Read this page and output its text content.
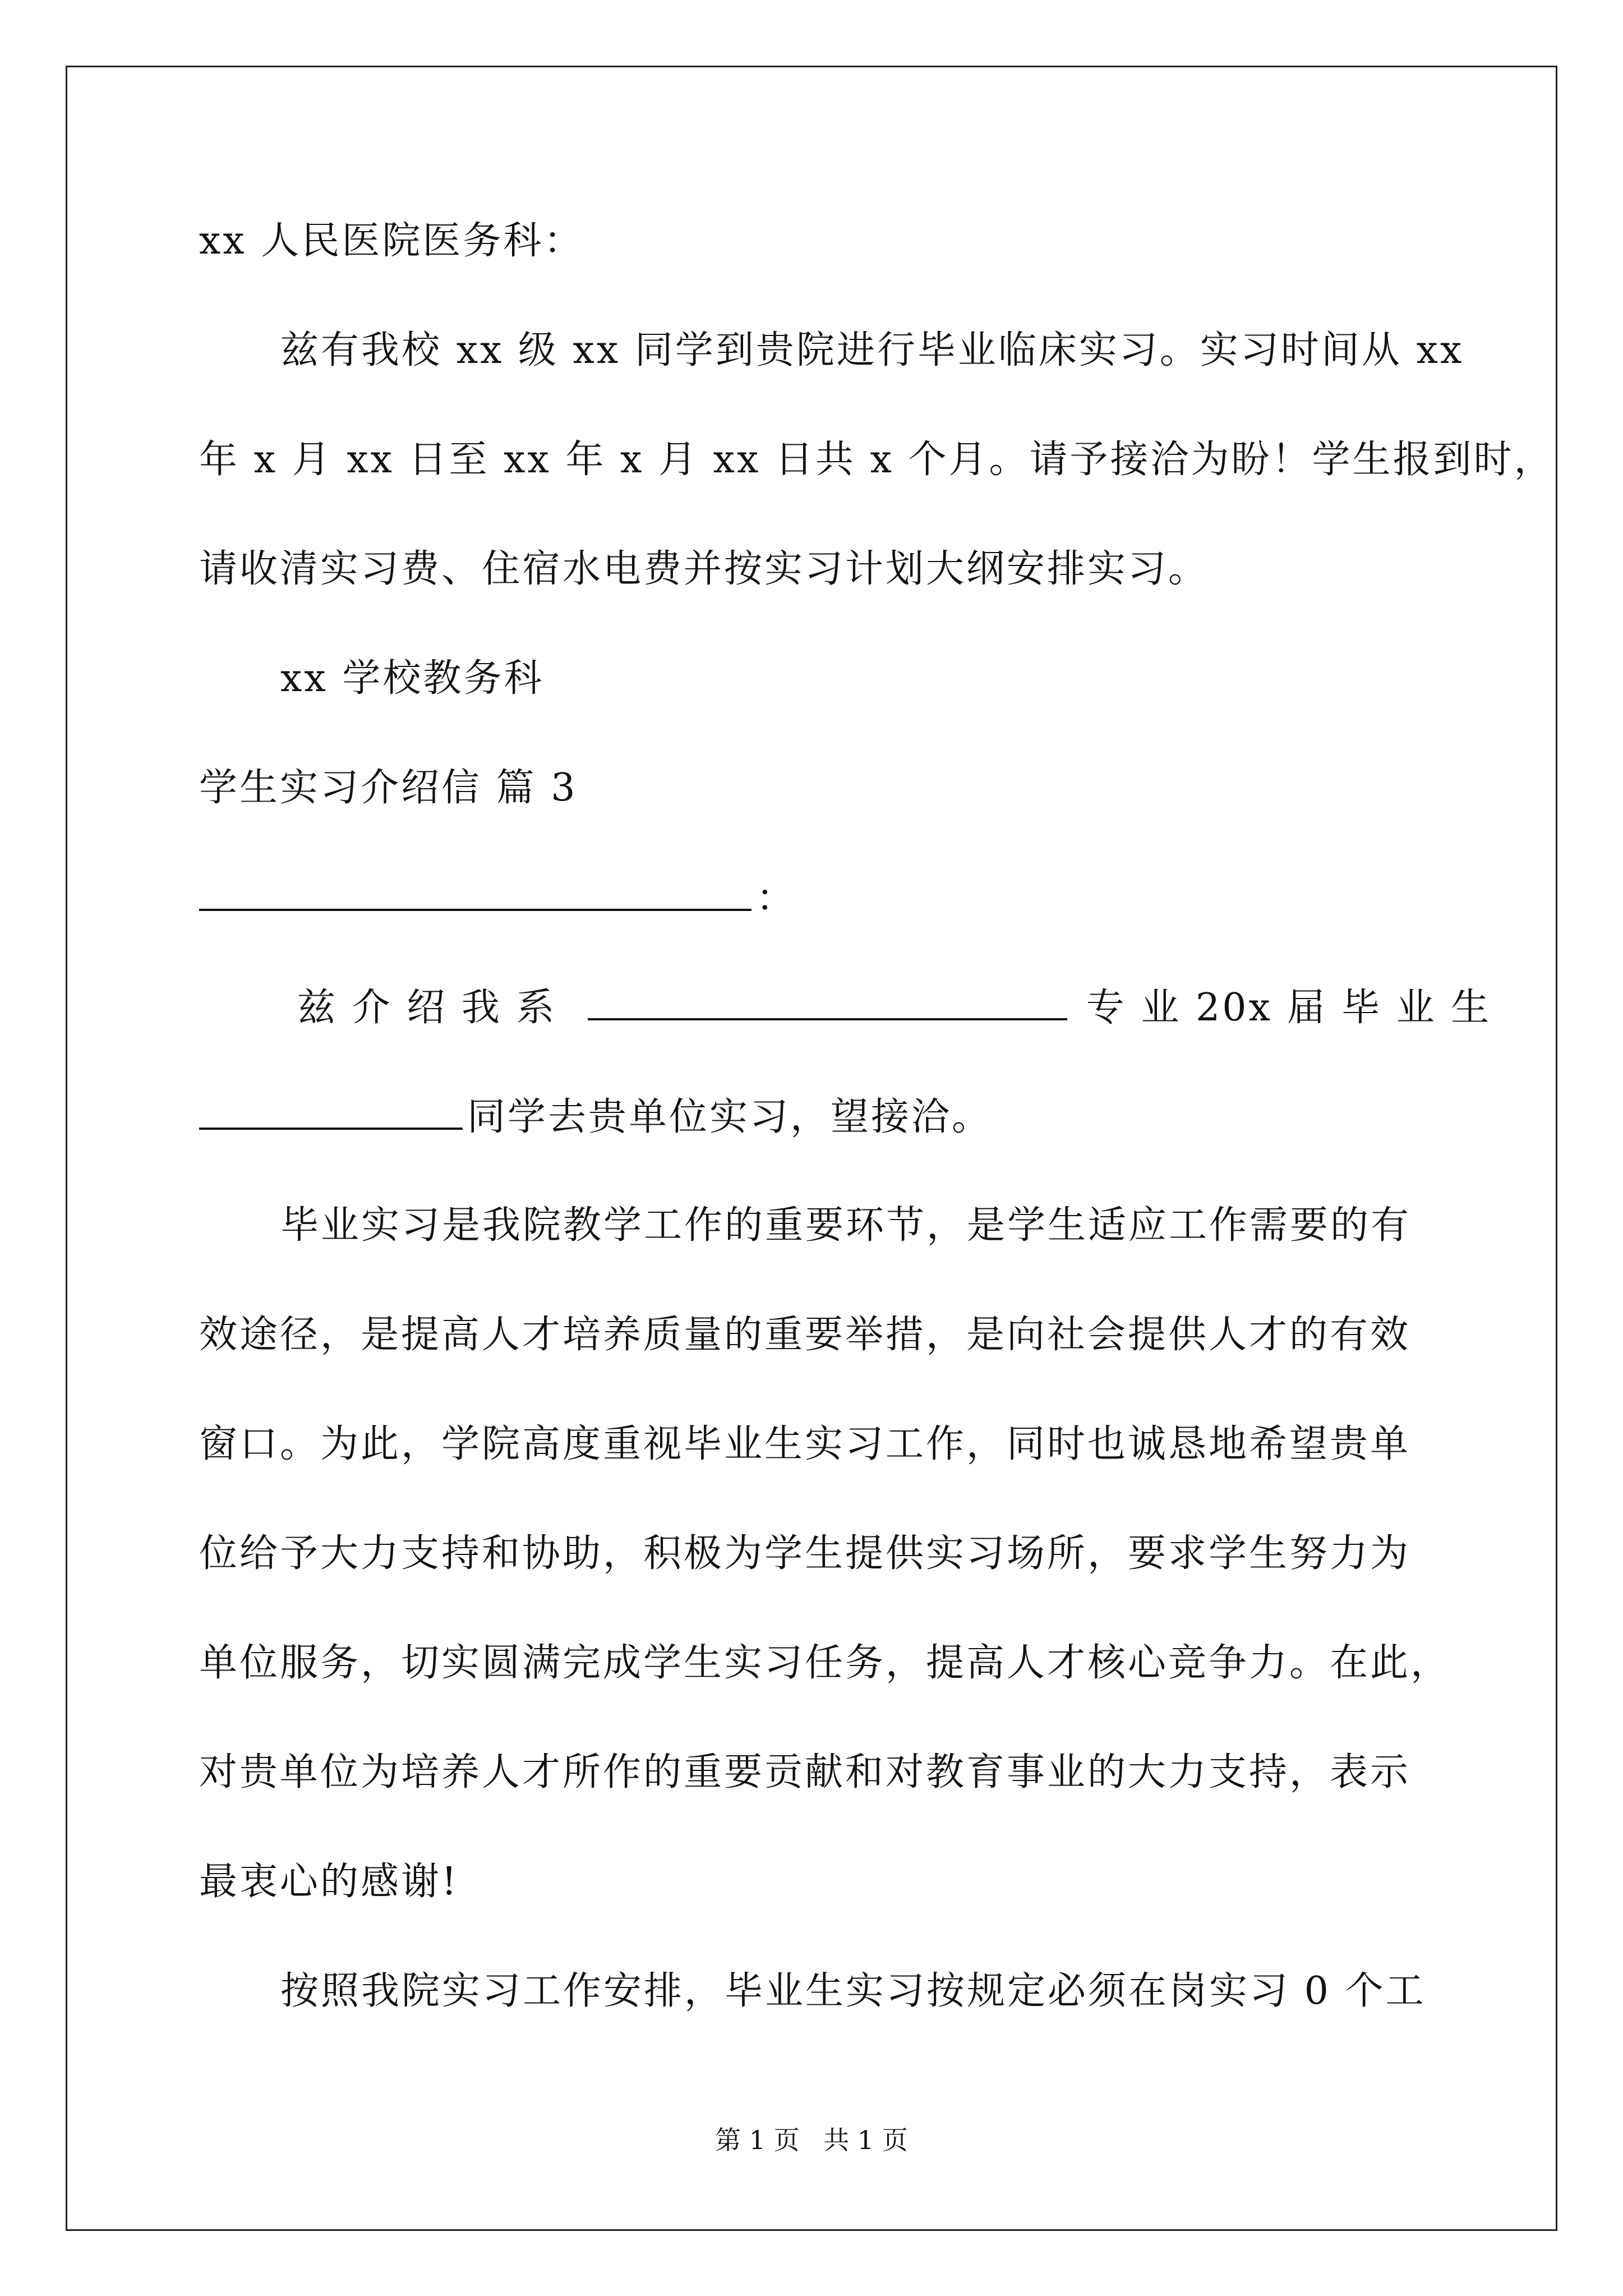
xx 人民医院医务科：
兹有我校 xx 级 xx 同学到贵院进行毕业临床实习。实习时间从 xx
年 x 月 xx 日至 xx 年 x 月 xx 日共 x 个月。请予接洽为盼！学生报到时，
请收清实习费、住宿水电费并按实习计划大纲安排实习。
xx 学校教务科
学生实习介绍信 篇 3
：
兹 介 绍 我 系	专 业 20x 届 毕 业 生
同学去贵单位实习，望接洽。
毕业实习是我院教学工作的重要环节，是学生适应工作需要的有
效途径，是提高人才培养质量的重要举措，是向社会提供人才的有效
窗口。为此，学院高度重视毕业生实习工作，同时也诚恳地希望贵单
位给予大力支持和协助，积极为学生提供实习场所，要求学生努力为
单位服务，切实圆满完成学生实习任务，提高人才核心竞争力。在此，
对贵单位为培养人才所作的重要贡献和对教育事业的大力支持，表示
最衷心的感谢!
按照我院实习工作安排，毕业生实习按规定必须在岗实习 0 个工
第 1 页 共 1 页
